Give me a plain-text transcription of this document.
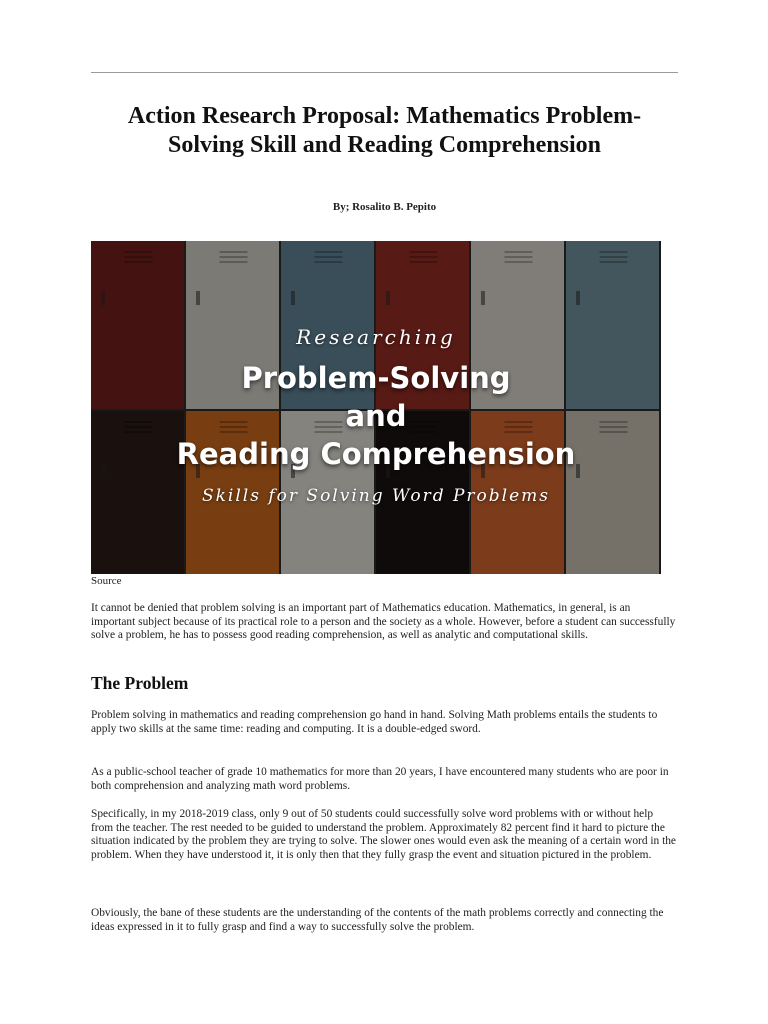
Action Research Proposal: Mathematics Problem-Solving Skill and Reading Comprehension

By; Rosalito B. Pepito

Researching
Problem-Solving
and
Reading Comprehension
Skills for Solving Word Problems

Source

It cannot be denied that problem solving is an important part of Mathematics education. Mathematics, in general, is an important subject because of its practical role to a person and the society as a whole. However, before a student can successfully solve a problem, he has to possess good reading comprehension, as well as analytic and computational skills.

The Problem

Problem solving in mathematics and reading comprehension go hand in hand. Solving Math problems entails the students to apply two skills at the same time: reading and computing. It is a double-edged sword.

As a public-school teacher of grade 10 mathematics for more than 20 years, I have encountered many students who are poor in both comprehension and analyzing math word problems.

Specifically, in my 2018-2019 class, only 9 out of 50 students could successfully solve word problems with or without help from the teacher. The rest needed to be guided to understand the problem. Approximately 82 percent find it hard to picture the situation indicated by the problem they are trying to solve. The slower ones would even ask the meaning of a certain word in the problem. When they have understood it, it is only then that they fully grasp the event and situation pictured in the problem.

Obviously, the bane of these students are the understanding of the contents of the math problems correctly and connecting the ideas expressed in it to fully grasp and find a way to successfully solve the problem.
